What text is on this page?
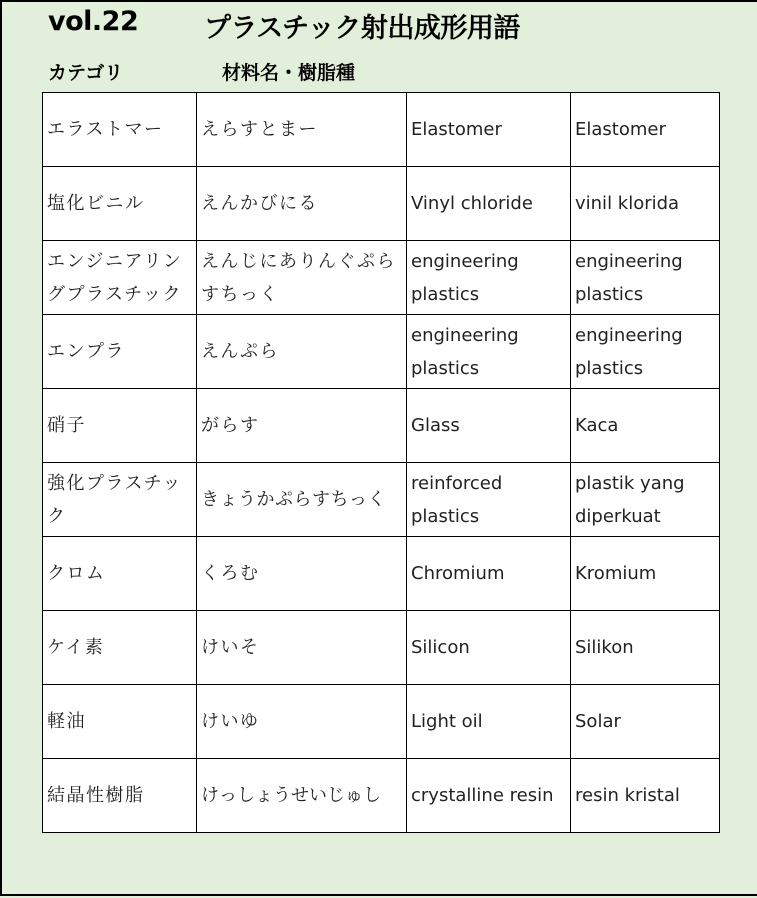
vol.22 プラスチック射出成形用語
カテゴリ	材料名・樹脂種
エラストマー	えらすとまー	Elastomer	Elastomer
塩化ビニル	えんかびにる	Vinyl chloride	vinil klorida
エンジニアリングプラスチック	えんじにありんぐぷらすちっく	engineering plastics	engineering plastics
エンプラ	えんぷら	engineering plastics	engineering plastics
硝子	がらす	Glass	Kaca
強化プラスチック	きょうかぷらすちっく	reinforced plastics	plastik yang diperkuat
クロム	くろむ	Chromium	Kromium
ケイ素	けいそ	Silicon	Silikon
軽油	けいゆ	Light oil	Solar
結晶性樹脂	けっしょうせいじゅし	crystalline resin	resin kristal
